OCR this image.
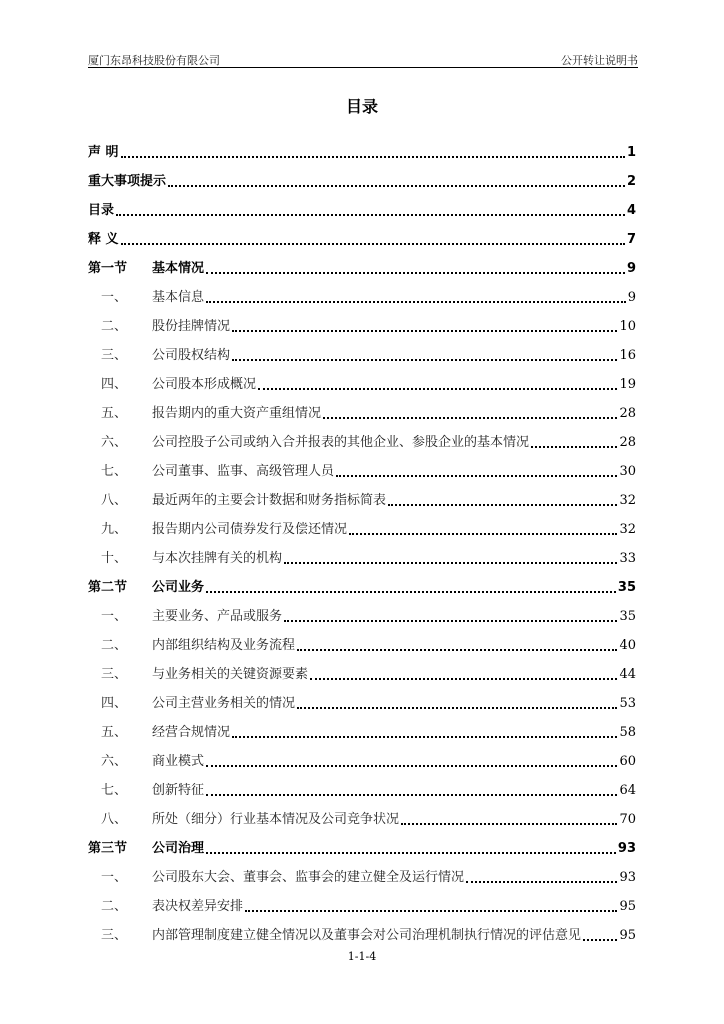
厦门东昂科技股份有限公司	公开转让说明书
目录
声 明	1
重大事项提示	2
目录	4
释 义	7
第一节	基本情况	9
一、	基本信息	9
二、	股份挂牌情况	10
三、	公司股权结构	16
四、	公司股本形成概况	19
五、	报告期内的重大资产重组情况	28
六、	公司控股子公司或纳入合并报表的其他企业、参股企业的基本情况	28
七、	公司董事、监事、高级管理人员	30
八、	最近两年的主要会计数据和财务指标简表	32
九、	报告期内公司债券发行及偿还情况	32
十、	与本次挂牌有关的机构	33
第二节	公司业务	35
一、	主要业务、产品或服务	35
二、	内部组织结构及业务流程	40
三、	与业务相关的关键资源要素	44
四、	公司主营业务相关的情况	53
五、	经营合规情况	58
六、	商业模式	60
七、	创新特征	64
八、	所处（细分）行业基本情况及公司竞争状况	70
第三节	公司治理	93
一、	公司股东大会、董事会、监事会的建立健全及运行情况	93
二、	表决权差异安排	95
三、	内部管理制度建立健全情况以及董事会对公司治理机制执行情况的评估意见	95
1-1-4
